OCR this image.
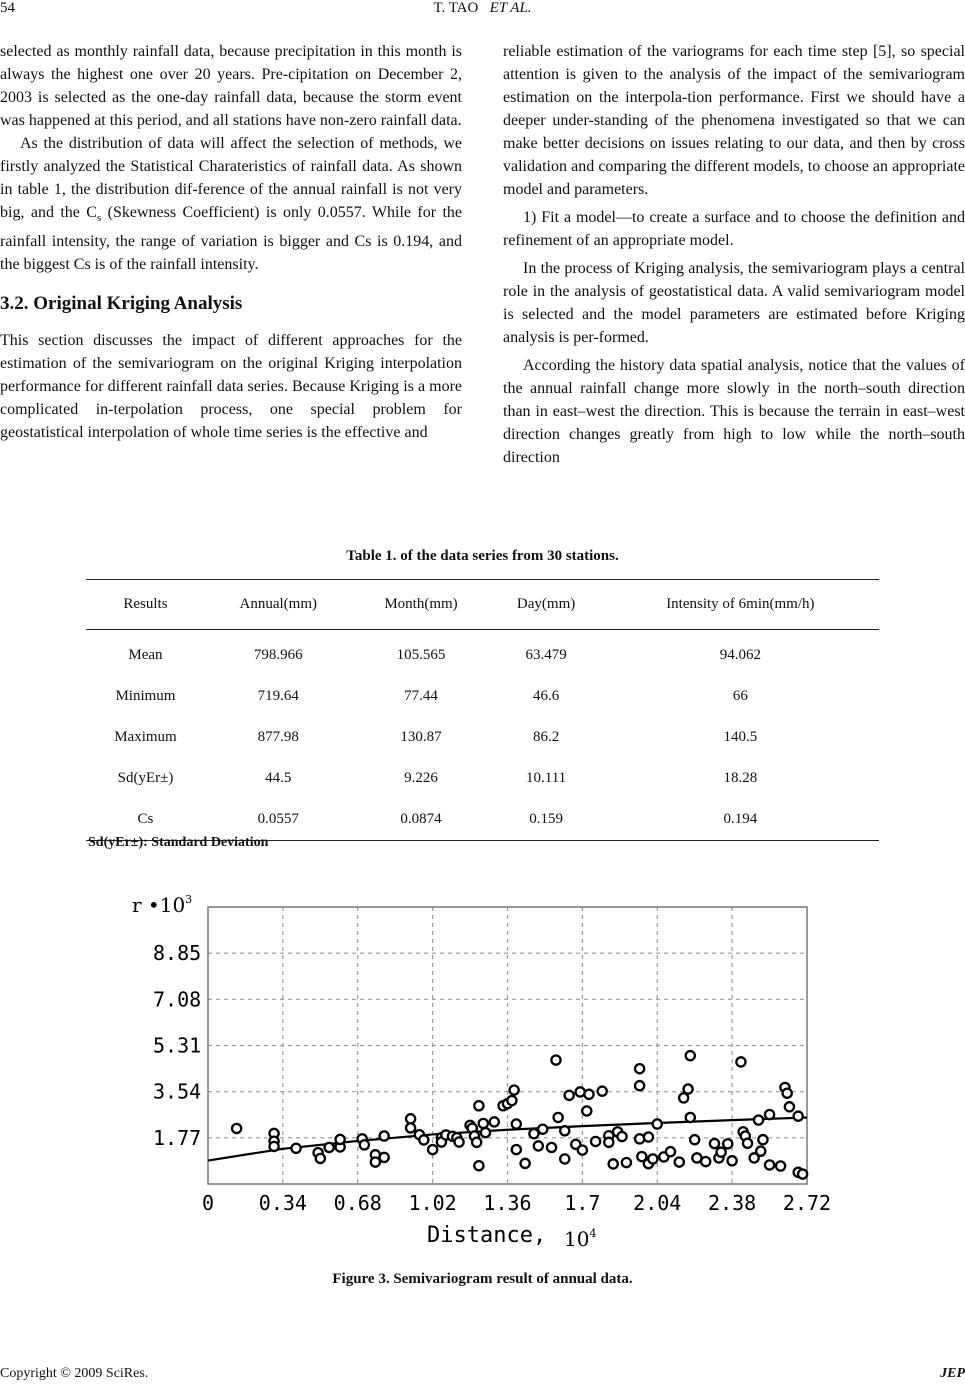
54	T. TAO ET AL.

selected as monthly rainfall data, because precipitation in this month is always the highest one over 20 years. Pre-cipitation on December 2, 2003 is selected as the one-day rainfall data, because the storm event was happened at this period, and all stations have non-zero rainfall data.

As the distribution of data will affect the selection of methods, we firstly analyzed the Statistical Charateristics of rainfall data. As shown in table 1, the distribution dif-ference of the annual rainfall is not very big, and the $C_s$ (Skewness Coefficient) is only 0.0557. While for the rainfall intensity, the range of variation is bigger and Cs is 0.194, and the biggest Cs is of the rainfall intensity.

3.2. Original Kriging Analysis

This section discusses the impact of different approaches for the estimation of the semivariogram on the original Kriging interpolation performance for different rainfall data series. Because Kriging is a more complicated in-terpolation process, one special problem for geostatistical interpolation of whole time series is the effective and

reliable estimation of the variograms for each time step [5], so special attention is given to the analysis of the impact of the semivariogram estimation on the interpola-tion performance. First we should have a deeper under-standing of the phenomena investigated so that we can make better decisions on issues relating to our data, and then by cross validation and comparing the different models, to choose an appropriate model and parameters.

1) Fit a model—to create a surface and to choose the definition and refinement of an appropriate model.

In the process of Kriging analysis, the semivariogram plays a central role in the analysis of geostatistical data. A valid semivariogram model is selected and the model parameters are estimated before Kriging analysis is per-formed.

According the history data spatial analysis, notice that the values of the annual rainfall change more slowly in the north–south direction than in east–west the direction. This is because the terrain in east–west direction changes greatly from high to low while the north–south direction

Table 1. of the data series from 30 stations.
Results	Annual(mm)	Month(mm)	Day(mm)	Intensity of 6min(mm/h)
Mean	798.966	105.565	63.479	94.062
Minimum	719.64	77.44	46.6	66
Maximum	877.98	130.87	86.2	140.5
Sd(yEr±)	44.5	9.226	10.111	18.28
Cs	0.0557	0.0874	0.159	0.194
Sd(yEr±): Standard Deviation
8.85
7.08
5.31
3.54
1.77
0 0.34 0.68 1.02 1.36 1.7 2.04 2.38 2.72
r $•10^3$
Distance, $10^4$
Figure 3. Semivariogram result of annual data.
Copyright © 2009 SciRes.	JEP
